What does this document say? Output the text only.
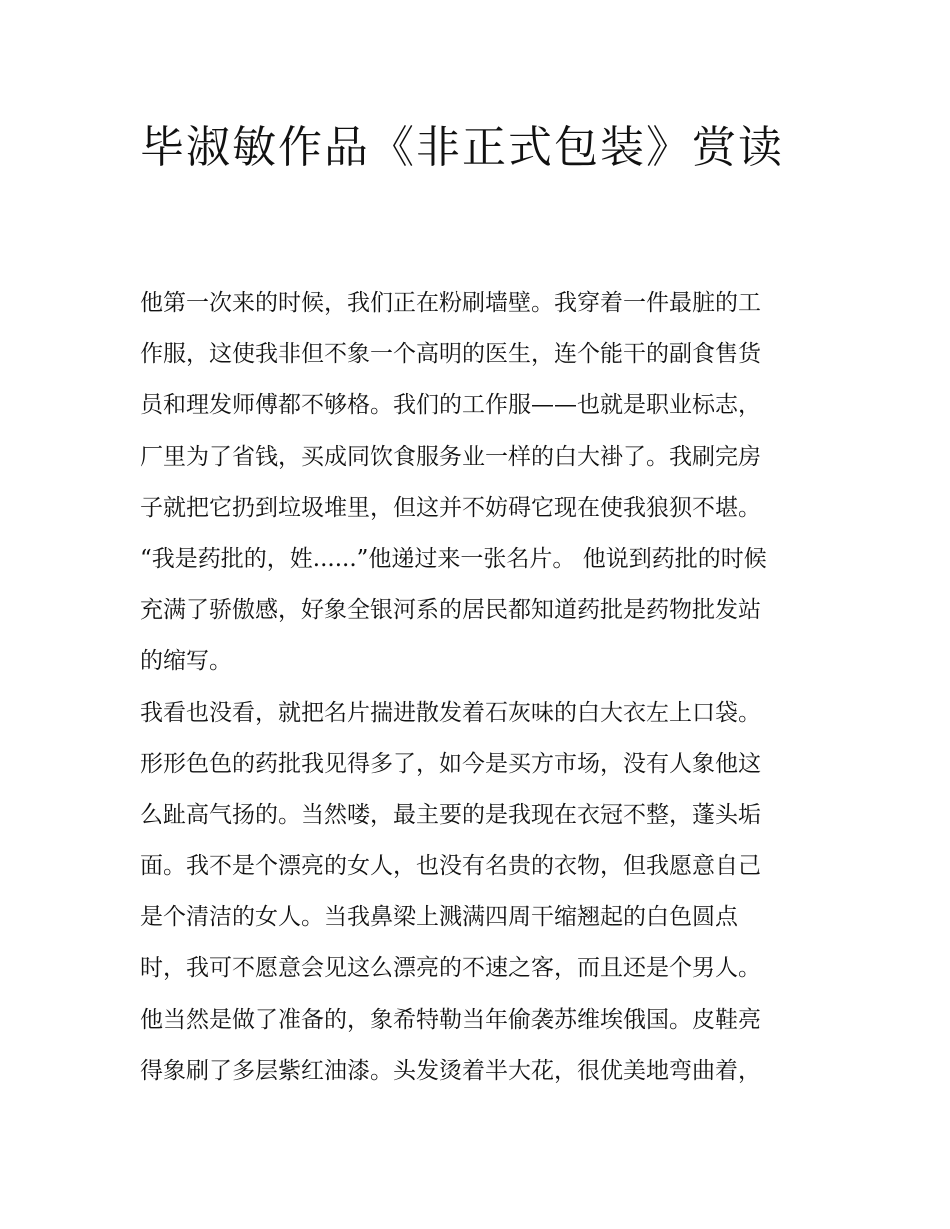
毕淑敏作品《非正式包装》赏读
他第一次来的时候，我们正在粉刷墙壁。我穿着一件最脏的工
作服，这使我非但不象一个高明的医生，连个能干的副食售货
员和理发师傅都不够格。我们的工作服——也就是职业标志，
厂里为了省钱，买成同饮食服务业一样的白大褂了。我刷完房
子就把它扔到垃圾堆里，但这并不妨碍它现在使我狼狈不堪。
“我是药批的，姓......”他递过来一张名片。 他说到药批的时候
充满了骄傲感，好象全银河系的居民都知道药批是药物批发站
的缩写。
我看也没看，就把名片揣进散发着石灰味的白大衣左上口袋。
形形色色的药批我见得多了，如今是买方市场，没有人象他这
么趾高气扬的。当然喽，最主要的是我现在衣冠不整，蓬头垢
面。我不是个漂亮的女人，也没有名贵的衣物，但我愿意自己
是个清洁的女人。当我鼻梁上溅满四周干缩翘起的白色圆点
时，我可不愿意会见这么漂亮的不速之客，而且还是个男人。
他当然是做了准备的，象希特勒当年偷袭苏维埃俄国。皮鞋亮
得象刷了多层紫红油漆。头发烫着半大花，很优美地弯曲着，
